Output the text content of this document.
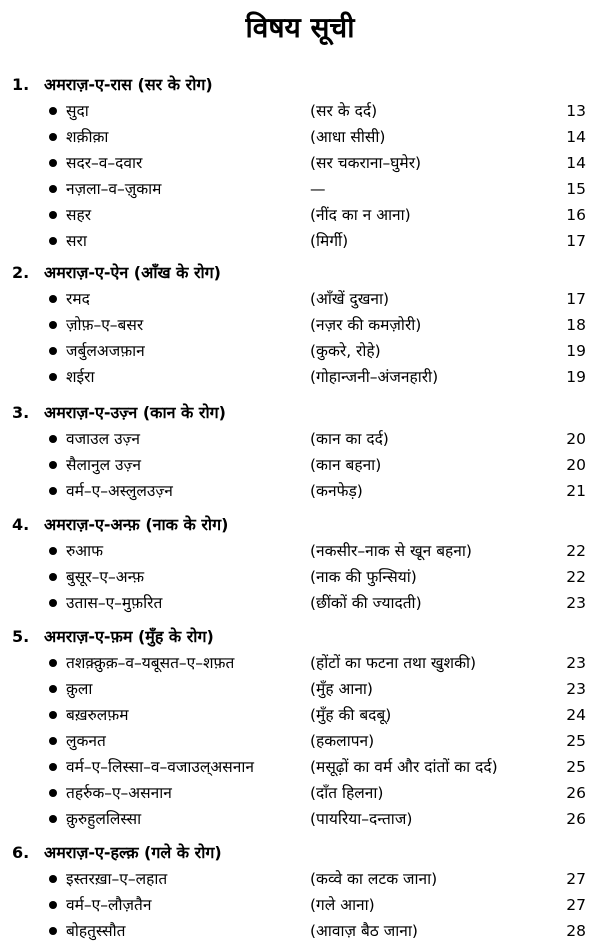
विषय सूची
1. अमराज़-ए-रास (सर के रोग)
सुदा	(सर के दर्द)	13
शक़ीक़ा	(आधा सीसी)	14
सदर–व–दवार	(सर चकराना–घुमेर)	14
नज़ला–व–ज़ुकाम	—	15
सहर	(नींद का न आना)	16
सरा	(मिर्गी)	17
2. अमराज़-ए-ऐन (आँख के रोग)
रमद	(आँखें दुखना)	17
ज़ोफ़–ए–बसर	(नज़र की कमज़ोरी)	18
जर्बुलअजफ़ान	(कुकरे, रोहे)	19
शईरा	(गोहान्जनी–अंजनहारी)	19
3. अमराज़-ए-उज़्न (कान के रोग)
वजाउल उज़्न	(कान का दर्द)	20
सैलानुल उज़्न	(कान बहना)	20
वर्म–ए–अस्लुलउज़्न	(कनफेड़)	21
4. अमराज़-ए-अन्फ़ (नाक के रोग)
रुआफ	(नकसीर–नाक से खून बहना)	22
बुसूर–ए–अन्फ़	(नाक की फुन्सियां)	22
उतास–ए–मुफ़रित	(छींकों की ज्यादती)	23
5. अमराज़-ए-फ़म (मुँह के रोग)
तशक़्क़ुक़–व–यबूसत–ए–शफ़त	(होंटों का फटना तथा खुशकी)	23
क़ुला	(मुँह आना)	23
बख़रुलफ़म	(मुँह की बदबू)	24
लुकनत	(हकलापन)	25
वर्म–ए–लिस्सा–व–वजाउल्असनान	(मसूढ़ों का वर्म और दांतों का दर्द)	25
तहर्रुक–ए–असनान	(दाँत हिलना)	26
क़ुरुहुललिस्सा	(पायरिया–दन्ताज)	26
6. अमराज़-ए-हल्क़ (गले के रोग)
इस्तरख़ा–ए–लहात	(कव्वे का लटक जाना)	27
वर्म–ए–लौज़तैन	(गले आना)	27
बोहतुस्सौत	(आवाज़ बैठ जाना)	28
